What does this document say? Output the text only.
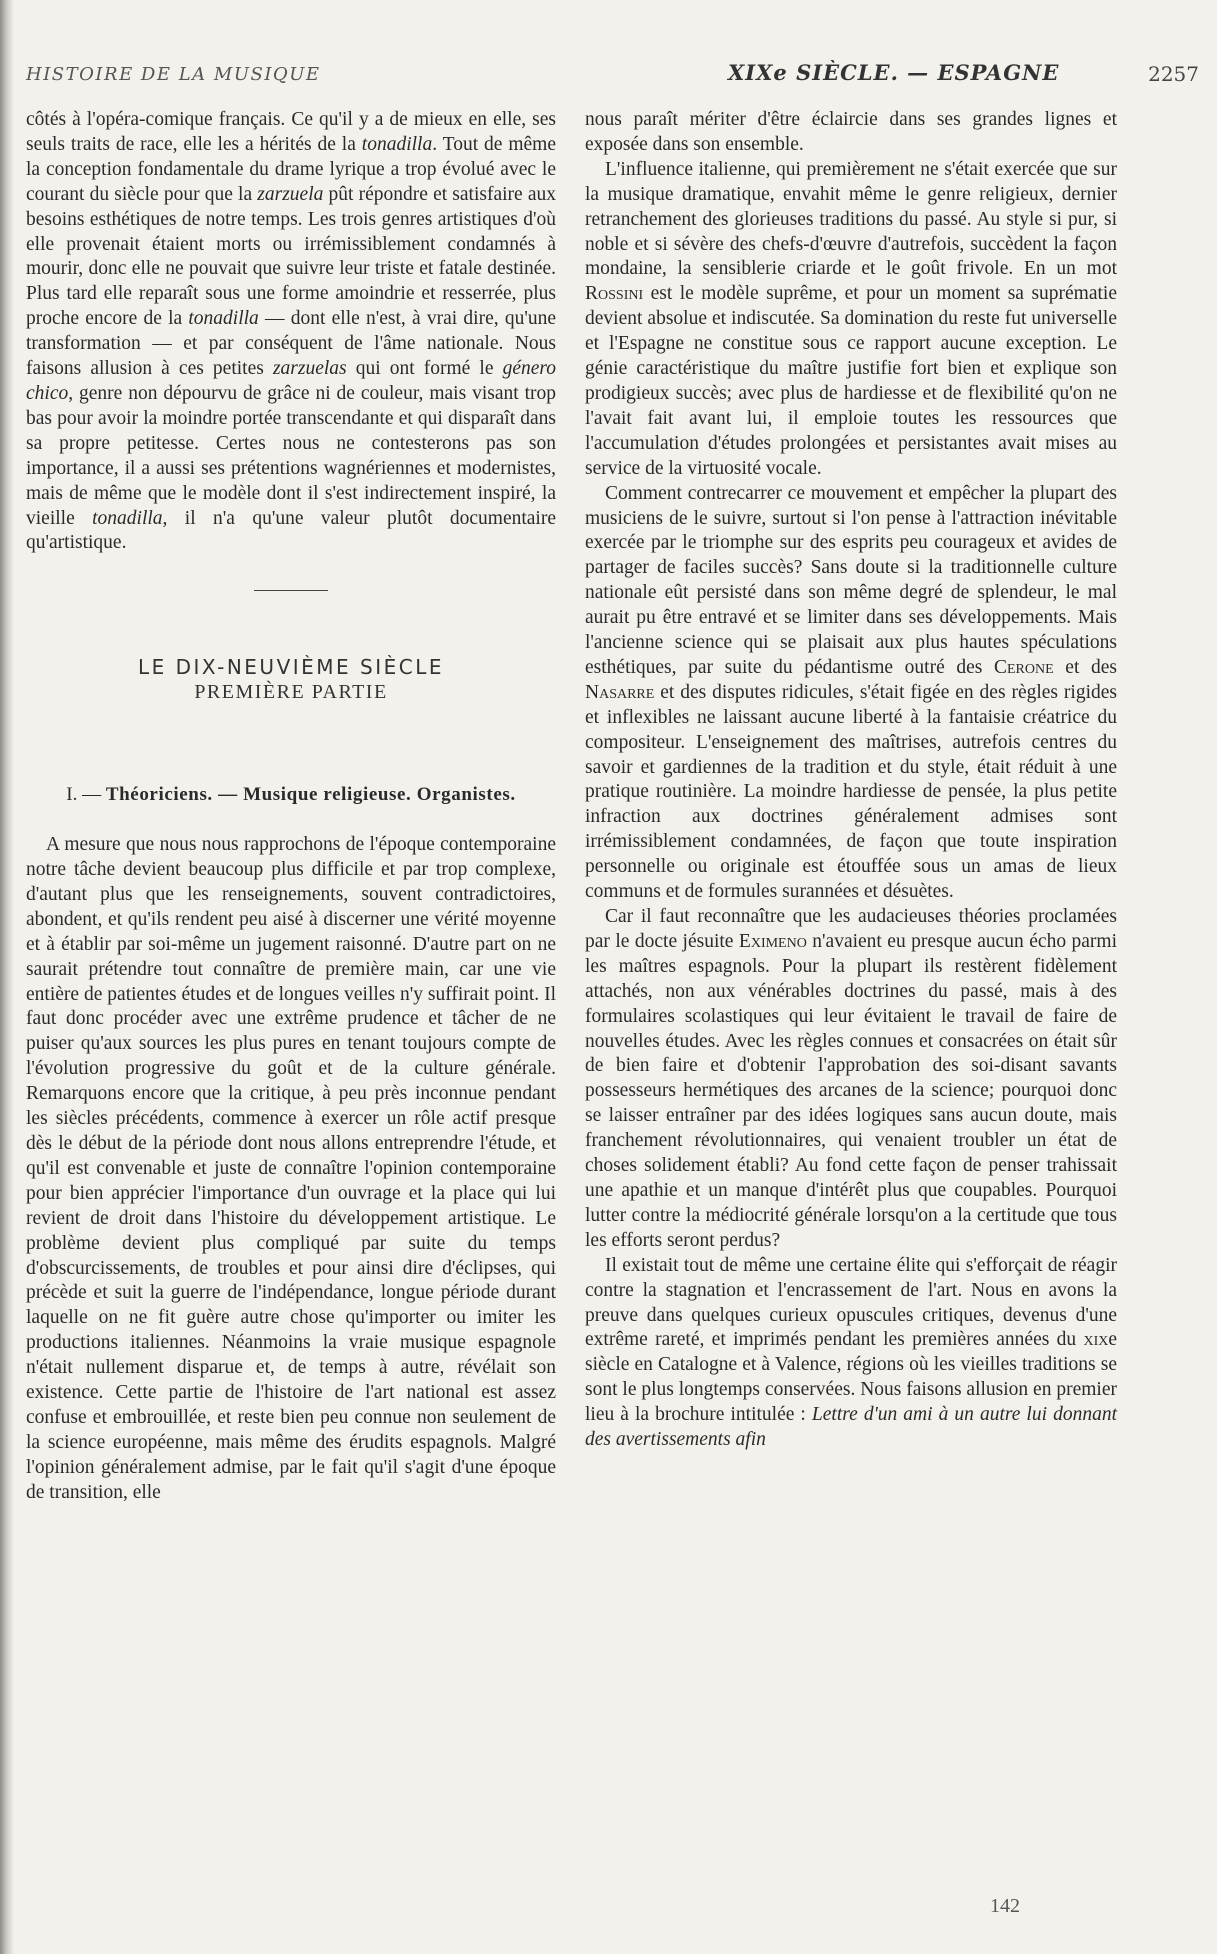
HISTOIRE DE LA MUSIQUE	XIXe SIÈCLE. — ESPAGNE	2257

côtés à l'opéra-comique français. Ce qu'il y a de mieux en elle, ses seuls traits de race, elle les a hérités de la tonadilla. Tout de même la conception fondamentale du drame lyrique a trop évolué avec le courant du siècle pour que la zarzuela pût répondre et satisfaire aux besoins esthétiques de notre temps. Les trois genres artistiques d'où elle provenait étaient morts ou irrémissiblement condamnés à mourir, donc elle ne pouvait que suivre leur triste et fatale destinée. Plus tard elle reparaît sous une forme amoindrie et resserrée, plus proche encore de la tonadilla — dont elle n'est, à vrai dire, qu'une transformation — et par conséquent de l'âme nationale. Nous faisons allusion à ces petites zarzuelas qui ont formé le género chico, genre non dépourvu de grâce ni de couleur, mais visant trop bas pour avoir la moindre portée transcendante et qui disparaît dans sa propre petitesse. Certes nous ne contesterons pas son importance, il a aussi ses prétentions wagnériennes et modernistes, mais de même que le modèle dont il s'est indirectement inspiré, la vieille tonadilla, il n'a qu'une valeur plutôt documentaire qu'artistique.

LE DIX-NEUVIÈME SIÈCLE

PREMIÈRE PARTIE

I. — Théoriciens. — Musique religieuse. Organistes.

A mesure que nous nous rapprochons de l'époque contemporaine notre tâche devient beaucoup plus difficile et par trop complexe, d'autant plus que les renseignements, souvent contradictoires, abondent, et qu'ils rendent peu aisé à discerner une vérité moyenne et à établir par soi-même un jugement raisonné. D'autre part on ne saurait prétendre tout connaître de première main, car une vie entière de patientes études et de longues veilles n'y suffirait point. Il faut donc procéder avec une extrême prudence et tâcher de ne puiser qu'aux sources les plus pures en tenant toujours compte de l'évolution progressive du goût et de la culture générale. Remarquons encore que la critique, à peu près inconnue pendant les siècles précédents, commence à exercer un rôle actif presque dès le début de la période dont nous allons entreprendre l'étude, et qu'il est convenable et juste de connaître l'opinion contemporaine pour bien apprécier l'importance d'un ouvrage et la place qui lui revient de droit dans l'histoire du développement artistique. Le problème devient plus compliqué par suite du temps d'obscurcissements, de troubles et pour ainsi dire d'éclipses, qui précède et suit la guerre de l'indépendance, longue période durant laquelle on ne fit guère autre chose qu'importer ou imiter les productions italiennes. Néanmoins la vraie musique espagnole n'était nullement disparue et, de temps à autre, révélait son existence. Cette partie de l'histoire de l'art national est assez confuse et embrouillée, et reste bien peu connue non seulement de la science européenne, mais même des érudits espagnols. Malgré l'opinion généralement admise, par le fait qu'il s'agit d'une époque de transition, elle

nous paraît mériter d'être éclaircie dans ses grandes lignes et exposée dans son ensemble.

L'influence italienne, qui premièrement ne s'était exercée que sur la musique dramatique, envahit même le genre religieux, dernier retranchement des glorieuses traditions du passé. Au style si pur, si noble et si sévère des chefs-d'œuvre d'autrefois, succèdent la façon mondaine, la sensiblerie criarde et le goût frivole. En un mot Rossini est le modèle suprême, et pour un moment sa suprématie devient absolue et indiscutée. Sa domination du reste fut universelle et l'Espagne ne constitue sous ce rapport aucune exception. Le génie caractéristique du maître justifie fort bien et explique son prodigieux succès; avec plus de hardiesse et de flexibilité qu'on ne l'avait fait avant lui, il emploie toutes les ressources que l'accumulation d'études prolongées et persistantes avait mises au service de la virtuosité vocale.

Comment contrecarrer ce mouvement et empêcher la plupart des musiciens de le suivre, surtout si l'on pense à l'attraction inévitable exercée par le triomphe sur des esprits peu courageux et avides de partager de faciles succès? Sans doute si la traditionnelle culture nationale eût persisté dans son même degré de splendeur, le mal aurait pu être entravé et se limiter dans ses développements. Mais l'ancienne science qui se plaisait aux plus hautes spéculations esthétiques, par suite du pédantisme outré des Cerone et des Nasarre et des disputes ridicules, s'était figée en des règles rigides et inflexibles ne laissant aucune liberté à la fantaisie créatrice du compositeur. L'enseignement des maîtrises, autrefois centres du savoir et gardiennes de la tradition et du style, était réduit à une pratique routinière. La moindre hardiesse de pensée, la plus petite infraction aux doctrines généralement admises sont irrémissiblement condamnées, de façon que toute inspiration personnelle ou originale est étouffée sous un amas de lieux communs et de formules surannées et désuètes.

Car il faut reconnaître que les audacieuses théories proclamées par le docte jésuite Eximeno n'avaient eu presque aucun écho parmi les maîtres espagnols. Pour la plupart ils restèrent fidèlement attachés, non aux vénérables doctrines du passé, mais à des formulaires scolastiques qui leur évitaient le travail de faire de nouvelles études. Avec les règles connues et consacrées on était sûr de bien faire et d'obtenir l'approbation des soi-disant savants possesseurs hermétiques des arcanes de la science; pourquoi donc se laisser entraîner par des idées logiques sans aucun doute, mais franchement révolutionnaires, qui venaient troubler un état de choses solidement établi? Au fond cette façon de penser trahissait une apathie et un manque d'intérêt plus que coupables. Pourquoi lutter contre la médiocrité générale lorsqu'on a la certitude que tous les efforts seront perdus?

Il existait tout de même une certaine élite qui s'efforçait de réagir contre la stagnation et l'encrassement de l'art. Nous en avons la preuve dans quelques curieux opuscules critiques, devenus d'une extrême rareté, et imprimés pendant les premières années du xixe siècle en Catalogne et à Valence, régions où les vieilles traditions se sont le plus longtemps conservées. Nous faisons allusion en premier lieu à la brochure intitulée : Lettre d'un ami à un autre lui donnant des avertissements afin

142
